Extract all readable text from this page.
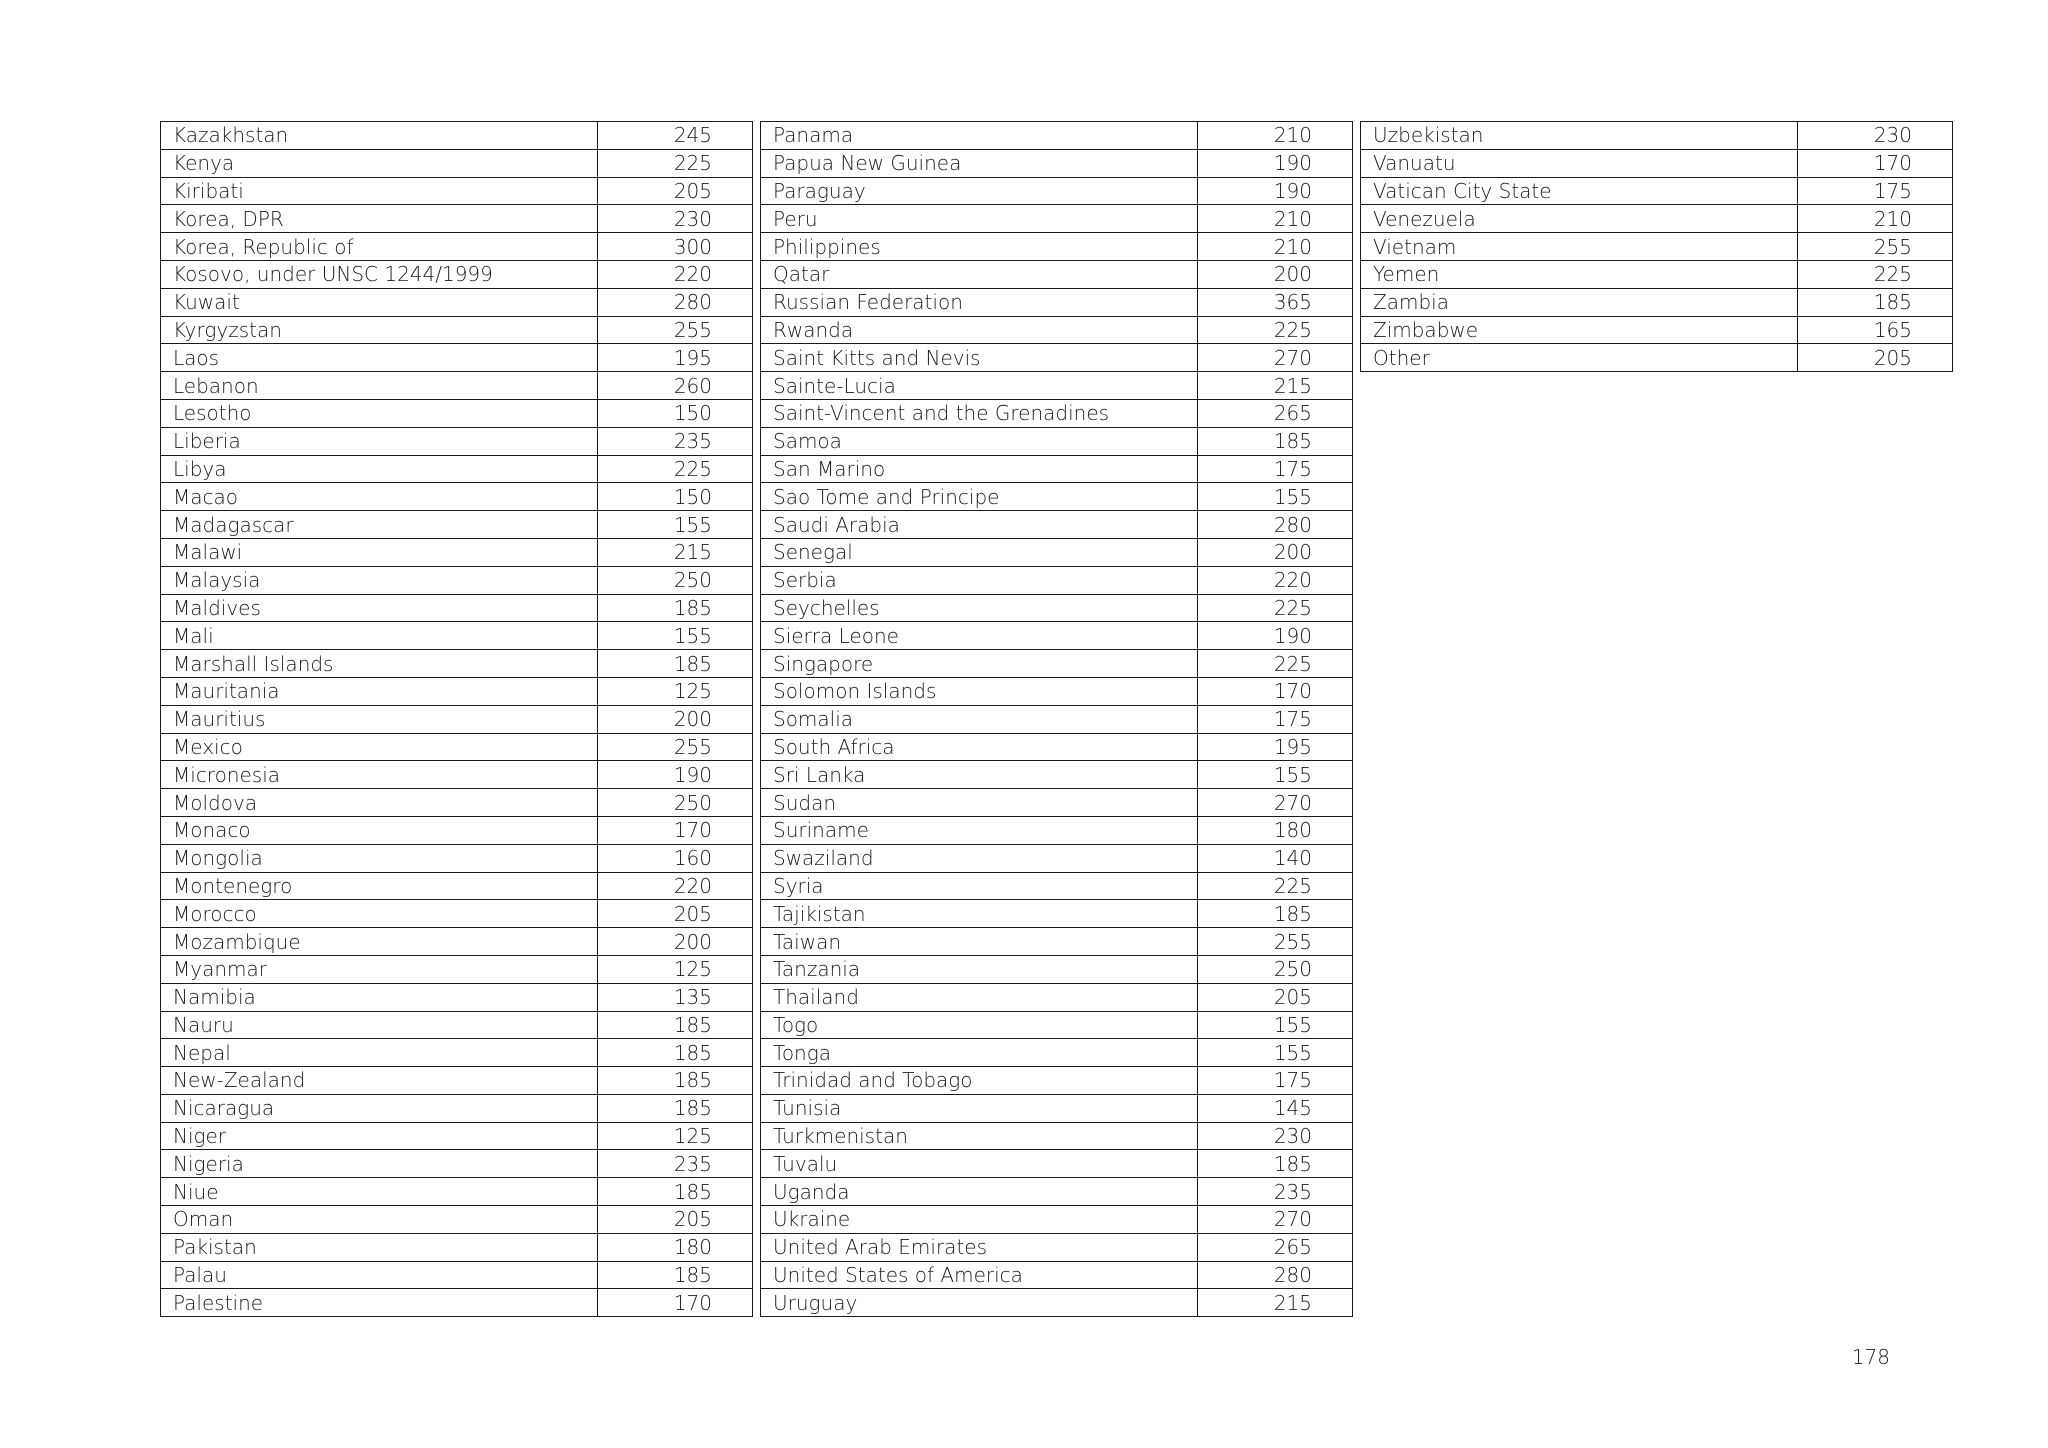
Kazakhstan	245
Kenya	225
Kiribati	205
Korea, DPR	230
Korea, Republic of	300
Kosovo, under UNSC 1244/1999	220
Kuwait	280
Kyrgyzstan	255
Laos	195
Lebanon	260
Lesotho	150
Liberia	235
Libya	225
Macao	150
Madagascar	155
Malawi	215
Malaysia	250
Maldives	185
Mali	155
Marshall Islands	185
Mauritania	125
Mauritius	200
Mexico	255
Micronesia	190
Moldova	250
Monaco	170
Mongolia	160
Montenegro	220
Morocco	205
Mozambique	200
Myanmar	125
Namibia	135
Nauru	185
Nepal	185
New-Zealand	185
Nicaragua	185
Niger	125
Nigeria	235
Niue	185
Oman	205
Pakistan	180
Palau	185
Palestine	170
Panama	210
Papua New Guinea	190
Paraguay	190
Peru	210
Philippines	210
Qatar	200
Russian Federation	365
Rwanda	225
Saint Kitts and Nevis	270
Sainte-Lucia	215
Saint-Vincent and the Grenadines	265
Samoa	185
San Marino	175
Sao Tome and Principe	155
Saudi Arabia	280
Senegal	200
Serbia	220
Seychelles	225
Sierra Leone	190
Singapore	225
Solomon Islands	170
Somalia	175
South Africa	195
Sri Lanka	155
Sudan	270
Suriname	180
Swaziland	140
Syria	225
Tajikistan	185
Taiwan	255
Tanzania	250
Thailand	205
Togo	155
Tonga	155
Trinidad and Tobago	175
Tunisia	145
Turkmenistan	230
Tuvalu	185
Uganda	235
Ukraine	270
United Arab Emirates	265
United States of America	280
Uruguay	215
Uzbekistan	230
Vanuatu	170
Vatican City State	175
Venezuela	210
Vietnam	255
Yemen	225
Zambia	185
Zimbabwe	165
Other	205
178
